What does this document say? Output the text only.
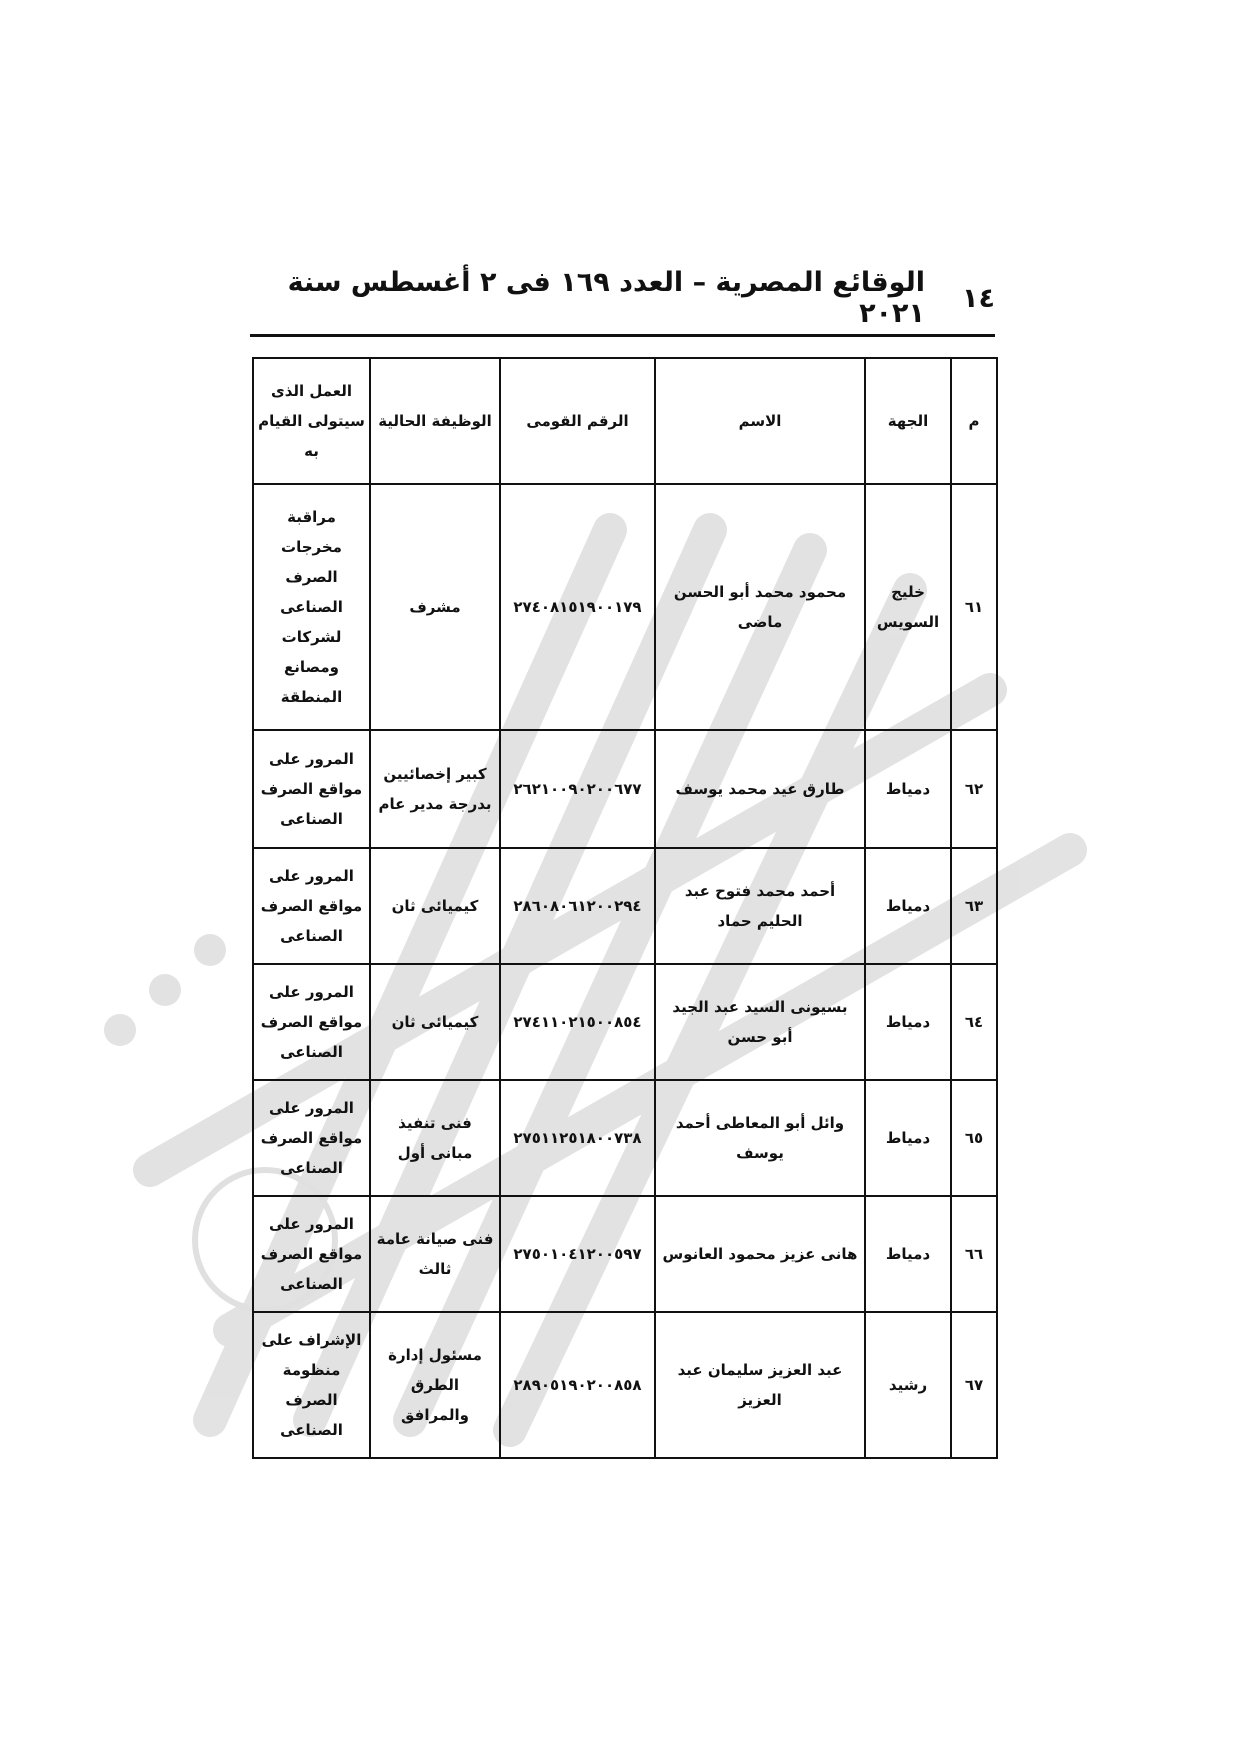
١٤
الوقائع المصرية – العدد ١٦٩ فى ٢ أغسطس سنة ٢٠٢١
م	الجهة	الاسم	الرقم القومى	الوظيفة الحالية	العمل الذى سيتولى القيام به
٦١	خليج السويس	محمود محمد أبو الحسن ماضى	٢٧٤٠٨١٥١٩٠٠١٧٩	مشرف	مراقبة مخرجات الصرف الصناعى لشركات ومصانع المنطقة
٦٢	دمياط	طارق عيد محمد يوسف	٢٦٢١٠٠٩٠٢٠٠٦٧٧	كبير إخصائيين بدرجة مدير عام	المرور على مواقع الصرف الصناعى
٦٣	دمياط	أحمد محمد فتوح عبد الحليم حماد	٢٨٦٠٨٠٦١٢٠٠٢٩٤	كيميائى ثان	المرور على مواقع الصرف الصناعى
٦٤	دمياط	بسيونى السيد عبد الجيد أبو حسن	٢٧٤١١٠٢١٥٠٠٨٥٤	كيميائى ثان	المرور على مواقع الصرف الصناعى
٦٥	دمياط	وائل أبو المعاطى أحمد يوسف	٢٧٥١١٢٥١٨٠٠٧٣٨	فنى تنفيذ مبانى أول	المرور على مواقع الصرف الصناعى
٦٦	دمياط	هانى عزيز محمود العانوس	٢٧٥٠١٠٤١٢٠٠٥٩٧	فنى صيانة عامة ثالث	المرور على مواقع الصرف الصناعى
٦٧	رشيد	عبد العزيز سليمان عبد العزيز	٢٨٩٠٥١٩٠٢٠٠٨٥٨	مسئول إدارة الطرق والمرافق	الإشراف على منظومة الصرف الصناعى
